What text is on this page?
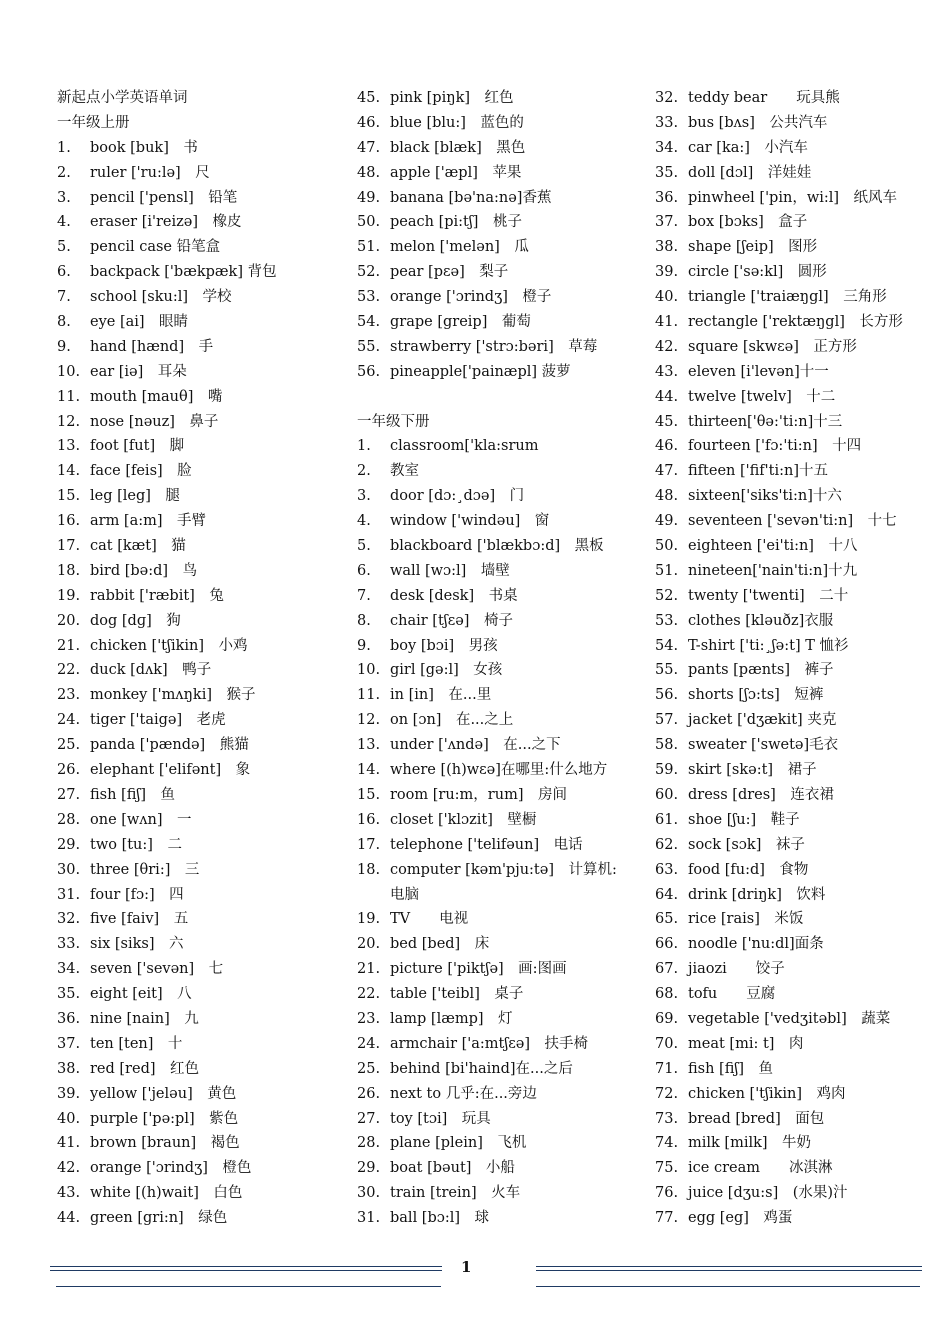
新起点小学英语单词
一年级上册
1.	book [buk]　书
2.	ruler ['ru:lə]　尺
3.	pencil ['pensl]　铅笔
4.	eraser [i'reizə]　橡皮
5.	pencil case 铅笔盒
6.	backpack ['bækpæk] 背包
7.	school [sku:l]　学校
8.	eye [ai]　眼睛
9.	hand [hænd]　手
10. ear [iə]　耳朵
11. mouth [mauθ]　嘴
12. nose [nəuz]　鼻子
13. foot [fut]　脚
14. face [feis]　脸
15. leg [leg]　腿
16. arm [a:m]　手臂
17. cat [kæt]　猫
18. bird [bə:d]　鸟
19. rabbit ['ræbit]　兔
20. dog [dɡ]　狗
21. chicken ['tʃikin]　小鸡
22. duck [dʌk]　鸭子
23. monkey ['mʌŋki]　猴子
24. tiger ['taigə]　老虎
25. panda ['pændə]　熊猫
26. elephant ['elifənt]　象
27. fish [fiʃ]　鱼
28. one [wʌn]　一
29. two [tu:]　二
30. three [θri:]　三
31. four [fɔ:]　四
32. five [faiv]　五
33. six [siks]　六
34. seven ['sevən]　七
35. eight [eit]　八
36. nine [nain]　九
37. ten [ten]　十
38. red [red]　红色
39. yellow ['jeləu]　黄色
40. purple ['pə:pl]　紫色
41. brown [braun]　褐色
42. orange ['ɔrindʒ]　橙色
43. white [(h)wait]　白色
44. green [gri:n]　绿色
45. pink [piŋk]　红色
46. blue [blu:]　蓝色的
47. black [blæk]　黑色
48. apple ['æpl]　苹果
49. banana [bə'na:nə]香蕉
50. peach [pi:tʃ]　桃子
51. melon ['melən]　瓜
52. pear [pɛə]　梨子
53. orange ['ɔrindʒ]　橙子
54. grape [greip]　葡萄
55. strawberry ['strɔ:bəri]　草莓
56. pineapple['painæpl] 菠萝
一年级下册
1.	classroom['kla:srum
2.	教室
3.	door [dɔ:¸dɔə]　门
4.	window ['windəu]　窗
5.	blackboard ['blækbɔ:d]　黑板
6.	wall [wɔ:l]　墙壁
7.	desk [desk]　书桌
8.	chair [tʃɛə]　椅子
9.	boy [bɔi]　男孩
10. girl [gə:l]　女孩
11. in [in]　在...里
12. on [ɔn]　在...之上
13. under ['ʌndə]　在...之下
14. where [(h)wɛə]在哪里:什么地方
15. room [ru:m，rum]　房间
16. closet ['klɔzit]　壁橱
17. telephone ['telifəun]　电话
18. computer [kəm'pju:tə]　计算机:
电脑
19. TV　　电视
20. bed [bed]　床
21. picture ['piktʃə]　画:图画
22. table ['teibl]　桌子
23. lamp [læmp]　灯
24. armchair ['a:mtʃɛə]　扶手椅
25. behind [bi'haind]在...之后
26. next to 几乎:在...旁边
27. toy [tɔi]　玩具
28. plane [plein]　飞机
29. boat [bəut]　小船
30. train [trein]　火车
31. ball [bɔ:l]　球
32. teddy bear　　玩具熊
33. bus [bʌs]　公共汽车
34. car [ka:]　小汽车
35. doll [dɔl]　洋娃娃
36. pinwheel ['pin，wi:l]　纸风车
37. box [bɔks]　盒子
38. shape [ʃeip]　图形
39. circle ['sə:kl]　圆形
40. triangle ['traiæŋgl]　三角形
41. rectangle ['rektæŋgl]　长方形
42. square [skwɛə]　正方形
43. eleven [i'levən]十一
44. twelve [twelv]　十二
45. thirteen['θə:'ti:n]十三
46. fourteen ['fɔ:'ti:n]　十四
47. fifteen ['fif'ti:n]十五
48. sixteen['siks'ti:n]十六
49. seventeen ['sevən'ti:n]　十七
50. eighteen ['ei'ti:n]　十八
51. nineteen['nain'ti:n]十九
52. twenty ['twenti]　二十
53. clothes [kləuðz]衣服
54. T-shirt ['ti:¸ʃə:t] T 恤衫
55. pants [pænts]　裤子
56. shorts [ʃɔ:ts]　短裤
57. jacket ['dʒækit] 夹克
58. sweater ['swetə]毛衣
59. skirt [skə:t]　裙子
60. dress [dres]　连衣裙
61. shoe [ʃu:]　鞋子
62. sock [sɔk]　袜子
63. food [fu:d]　食物
64. drink [driŋk]　饮料
65. rice [rais]　米饭
66. noodle ['nu:dl]面条
67. jiaozi　　饺子
68. tofu　　豆腐
69. vegetable ['vedʒitəbl]　蔬菜
70. meat [mi: t]　肉
71. fish [fiʃ]　鱼
72. chicken ['tʃikin]　鸡肉
73. bread [bred]　面包
74. milk [milk]　牛奶
75. ice cream　　冰淇淋
76. juice [dʒu:s]　(水果)汁
77. egg [eg]　鸡蛋
1
